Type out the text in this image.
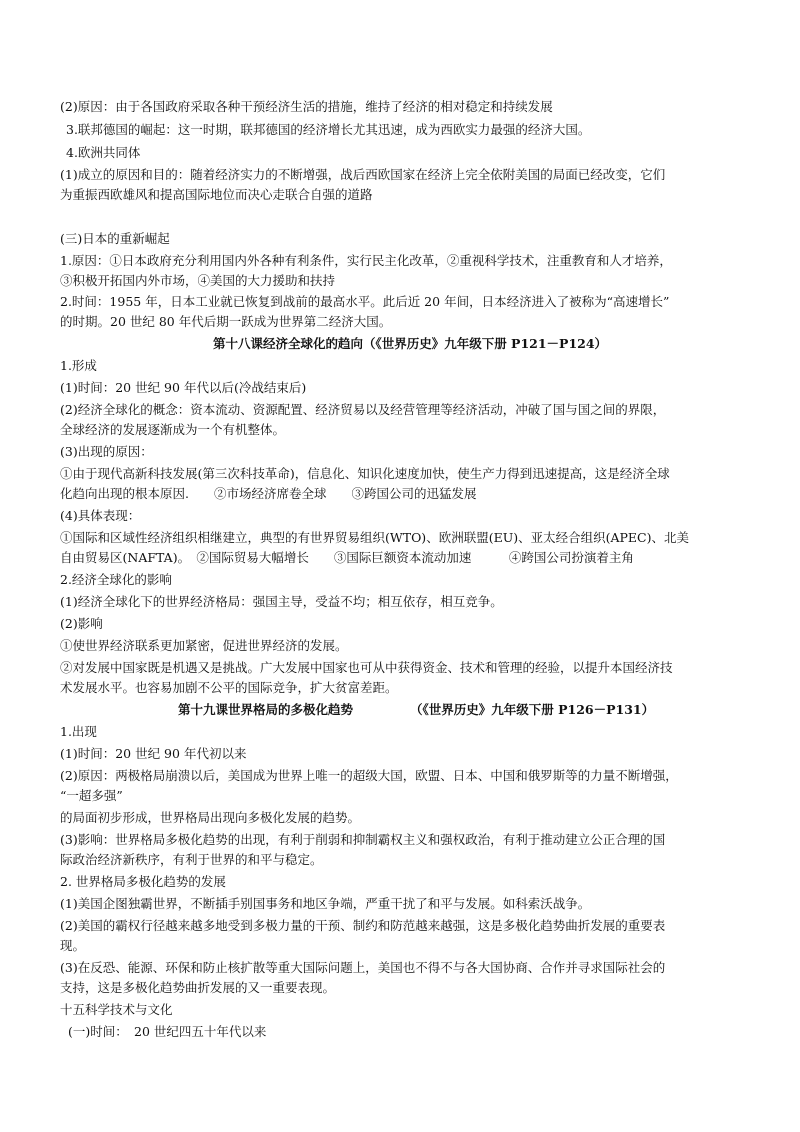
(2)原因：由于各国政府采取各种干预经济生活的措施，维持了经济的相对稳定和持续发展
3.联邦德国的崛起：这一时期，联邦德国的经济增长尤其迅速，成为西欧实力最强的经济大国。
4.欧洲共同体
(1)成立的原因和目的：随着经济实力的不断增强，战后西欧国家在经济上完全依附美国的局面已经改变，它们
为重振西欧雄风和提高国际地位而决心走联合自强的道路
(三)日本的重新崛起
1.原因：①日本政府充分利用国内外各种有利条件，实行民主化改革，②重视科学技术，注重教育和人才培养，
③积极开拓国内外市场，④美国的大力援助和扶持
2.时间：1955 年，日本工业就已恢复到战前的最高水平。此后近 20 年间，日本经济进入了被称为“高速增长”
的时期。20 世纪 80 年代后期一跃成为世界第二经济大国。
第十八课经济全球化的趋向（《世界历史》九年级下册 P121－P124）
1.形成
(1)时间：20 世纪 90 年代以后(冷战结束后)
(2)经济全球化的概念：资本流动、资源配置、经济贸易以及经营管理等经济活动，冲破了国与国之间的界限，
全球经济的发展逐渐成为一个有机整体。
(3)出现的原因：
①由于现代高新科技发展(第三次科技革命)，信息化、知识化速度加快，使生产力得到迅速提高，这是经济全球
化趋向出现的根本原因.　　②市场经济席卷全球　　③跨国公司的迅猛发展
(4)具体表现：
①国际和区域性经济组织相继建立，典型的有世界贸易组织(WTO)、欧洲联盟(EU)、亚太经合组织(APEC)、北美
自由贸易区(NAFTA)。　②国际贸易大幅增长　　③国际巨额资本流动加速　　　④跨国公司扮演着主角
2.经济全球化的影响
(1)经济全球化下的世界经济格局：强国主导，受益不均；相互依存，相互竞争。
(2)影响
①使世界经济联系更加紧密，促进世界经济的发展。
②对发展中国家既是机遇又是挑战。广大发展中国家也可从中获得资金、技术和管理的经验，以提升本国经济技
术发展水平。也容易加剧不公平的国际竞争，扩大贫富差距。
第十九课世界格局的多极化趋势	（《世界历史》九年级下册 P126－P131）
1.出现
(1)时间：20 世纪 90 年代初以来
(2)原因：两极格局崩溃以后，美国成为世界上唯一的超级大国，欧盟、日本、中国和俄罗斯等的力量不断增强，
“一超多强”
的局面初步形成，世界格局出现向多极化发展的趋势。
(3)影响：世界格局多极化趋势的出现，有利于削弱和抑制霸权主义和强权政治，有利于推动建立公正合理的国
际政治经济新秩序，有利于世界的和平与稳定。
2. 世界格局多极化趋势的发展
(1)美国企图独霸世界，不断插手别国事务和地区争端，严重干扰了和平与发展。如科索沃战争。
(2)美国的霸权行径越来越多地受到多极力量的干预、制约和防范越来越强，这是多极化趋势曲折发展的重要表
现。
(3)在反恐、能源、环保和防止核扩散等重大国际问题上，美国也不得不与各大国协商、合作并寻求国际社会的
支持，这是多极化趋势曲折发展的又一重要表现。
十五科学技术与文化
(一)时间：　20 世纪四五十年代以来
